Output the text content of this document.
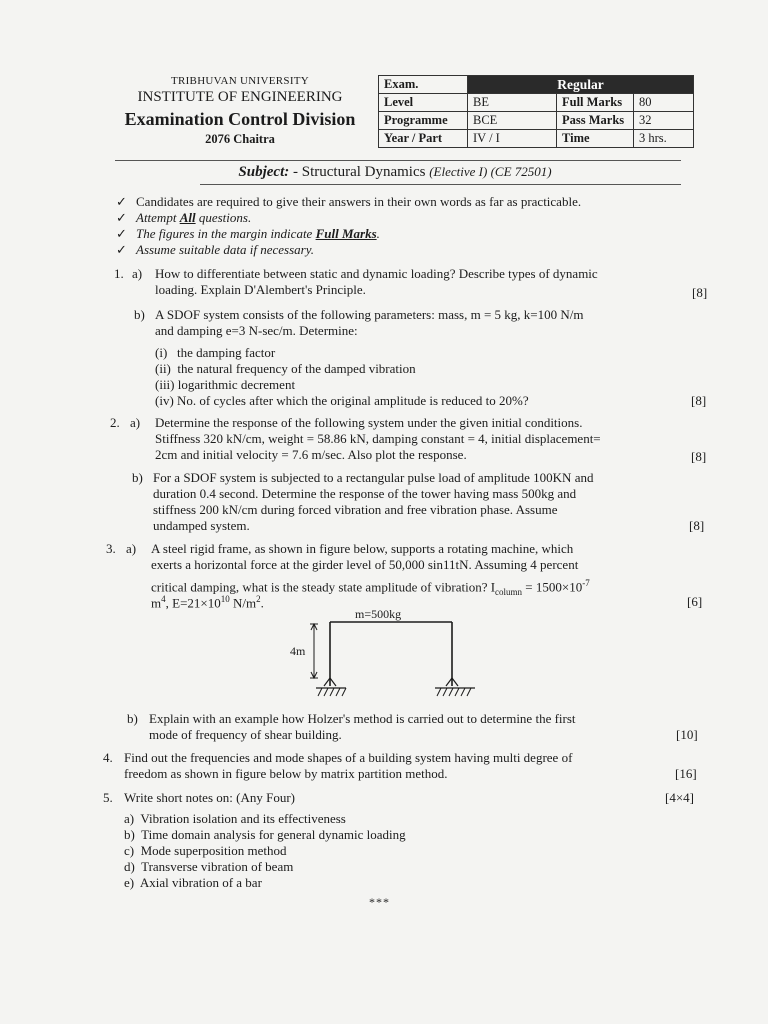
TRIBHUVAN UNIVERSITY
INSTITUTE OF ENGINEERING
Examination Control Division
2076 Chaitra
Exam.	Regular		
Level	BE	Full Marks	80
Programme	BCE	Pass Marks	32
Year / Part	IV / I	Time	3 hrs.
Subject: - Structural Dynamics (Elective I) (CE 72501)
✓ Candidates are required to give their answers in their own words as far as practicable.
✓ Attempt All questions.
✓ The figures in the margin indicate Full Marks.
✓ Assume suitable data if necessary.
1. a) How to differentiate between static and dynamic loading? Describe types of dynamic
loading. Explain D'Alembert's Principle.	[8]
b) A SDOF system consists of the following parameters: mass, m = 5 kg, k=100 N/m
and damping e=3 N-sec/m. Determine:
(i)   the damping factor
(ii)  the natural frequency of the damped vibration
(iii) logarithmic decrement
(iv) No. of cycles after which the original amplitude is reduced to 20%?	[8]
2. a) Determine the response of the following system under the given initial conditions.
Stiffness 320 kN/cm, weight = 58.86 kN, damping constant = 4, initial displacement=
2cm and initial velocity = 7.6 m/sec. Also plot the response.	[8]
b) For a SDOF system is subjected to a rectangular pulse load of amplitude 100KN and
duration 0.4 second. Determine the response of the tower having mass 500kg and
stiffness 200 kN/cm during forced vibration and free vibration phase. Assume
undamped system.	[8]
3. a) A steel rigid frame, as shown in figure below, supports a rotating machine, which
exerts a horizontal force at the girder level of 50,000 sin11tN. Assuming 4 percent
critical damping, what is the steady state amplitude of vibration? $I_{column} = 1500\times 10^{-7}$
$m^4$, $E=21\times 10^{10}$ $N/m^2$.	[6]
m=500kg
4m
b) Explain with an example how Holzer's method is carried out to determine the first
mode of frequency of shear building.	[10]
4. Find out the frequencies and mode shapes of a building system having multi degree of
freedom as shown in figure below by matrix partition method.	[16]
5. Write short notes on: (Any Four)	[4×4]
a)  Vibration isolation and its effectiveness
b)  Time domain analysis for general dynamic loading
c)  Mode superposition method
d)  Transverse vibration of beam
e)  Axial vibration of a bar
***
